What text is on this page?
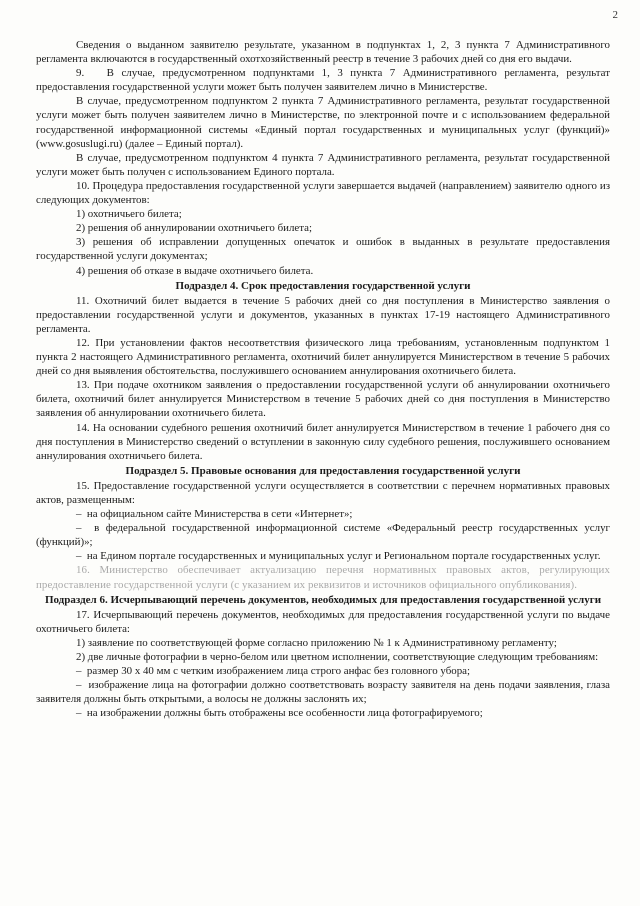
2

Сведения о выданном заявителю результате, указанном в подпунктах 1, 2, 3 пункта 7 Административного регламента включаются в государственный охотхозяйственный реестр в течение 3 рабочих дней со дня его выдачи.

9.   В случае, предусмотренном подпунктами 1, 3 пункта 7 Административного регламента, результат предоставления государственной услуги может быть получен заявителем лично в Министерстве.

В случае, предусмотренном подпунктом 2 пункта 7 Административного регламента, результат государственной услуги может быть получен заявителем лично в Министерстве, по электронной почте и с использованием федеральной государственной информационной системы «Единый портал государственных и муниципальных услуг (функций)» (www.gosuslugi.ru) (далее – Единый портал).

В случае, предусмотренном подпунктом 4 пункта 7 Административного регламента, результат государственной услуги может быть получен с использованием Единого портала.

10. Процедура предоставления государственной услуги завершается выдачей (направлением) заявителю одного из следующих документов:

1) охотничьего билета;

2) решения об аннулировании охотничьего билета;

3) решения об исправлении допущенных опечаток и ошибок в выданных в результате предоставления государственной услуги документах;

4) решения об отказе в выдаче охотничьего билета.

Подраздел 4. Срок предоставления государственной услуги

11. Охотничий билет выдается в течение 5 рабочих дней со дня поступления в Министерство заявления о предоставлении государственной услуги и документов, указанных в пунктах 17-19 настоящего Административного регламента.

12. При установлении фактов несоответствия физического лица требованиям, установленным подпунктом 1 пункта 2 настоящего Административного регламента, охотничий билет аннулируется Министерством в течение 5 рабочих дней со дня выявления обстоятельства, послужившего основанием аннулирования охотничьего билета.

13. При подаче охотником заявления о предоставлении государственной услуги об аннулировании охотничьего билета, охотничий билет аннулируется Министерством в течение 5 рабочих дней со дня поступления в Министерство заявления об аннулировании охотничьего билета.

14. На основании судебного решения охотничий билет аннулируется Министерством в течение 1 рабочего дня со дня поступления в Министерство сведений о вступлении в законную силу судебного решения, послужившего основанием аннулирования охотничьего билета.

Подраздел 5. Правовые основания для предоставления государственной услуги

15. Предоставление государственной услуги осуществляется в соответствии с перечнем нормативных правовых актов, размещенным:

–  на официальном сайте Министерства в сети «Интернет»;

–  в федеральной государственной информационной системе «Федеральный реестр государственных услуг (функций)»;

–  на Едином портале государственных и муниципальных услуг и Региональном портале государственных услуг.

16. Министерство обеспечивает актуализацию перечня нормативных правовых актов, регулирующих предоставление государственной услуги (с указанием их реквизитов и источников официального опубликования).

Подраздел 6. Исчерпывающий перечень документов, необходимых для предоставления государственной услуги

17. Исчерпывающий перечень документов, необходимых для предоставления государственной услуги по выдаче охотничьего билета:

1) заявление по соответствующей форме согласно приложению № 1 к Административному регламенту;

2) две личные фотографии в черно-белом или цветном исполнении, соответствующие следующим требованиям:

–  размер 30 х 40 мм с четким изображением лица строго анфас без головного убора;

–  изображение лица на фотографии должно соответствовать возрасту заявителя на день подачи заявления, глаза заявителя должны быть открытыми, а волосы не должны заслонять их;

–  на изображении должны быть отображены все особенности лица фотографируемого;
